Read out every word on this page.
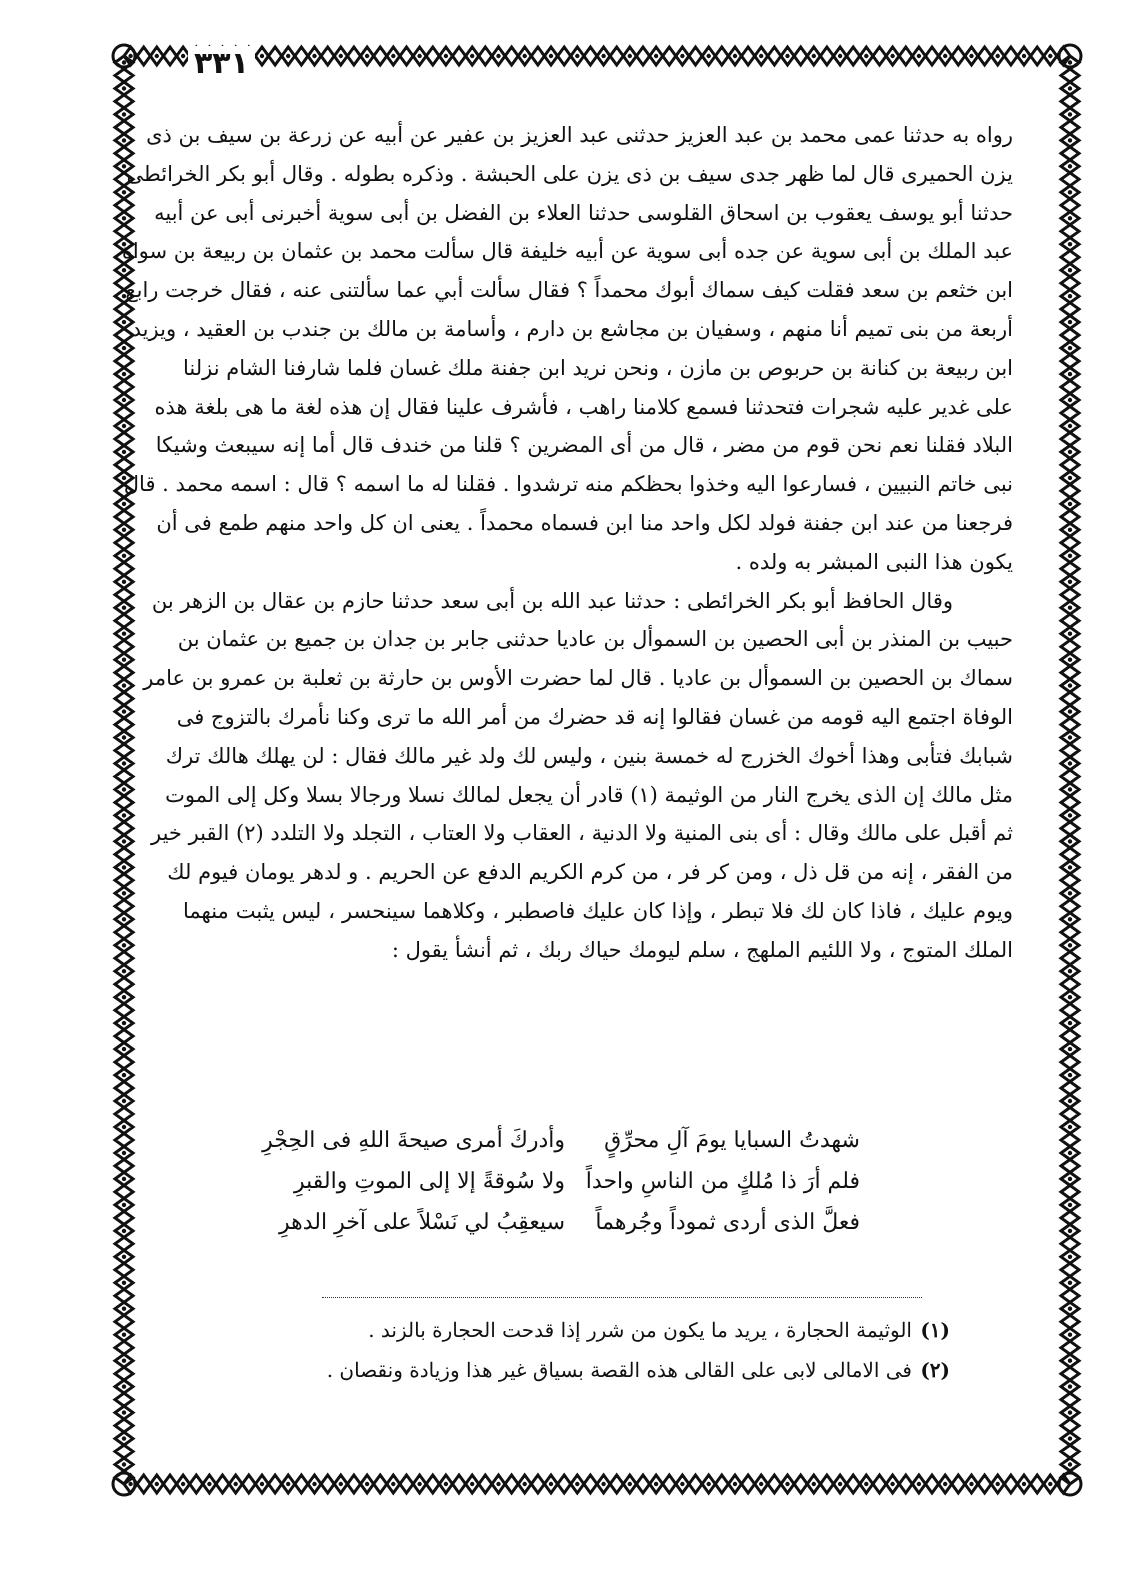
٣٣١
رواه به حدثنا عمى محمد بن عبد العزيز حدثنى عبد العزيز بن عفير عن أبيه عن زرعة بن سيف بن ذى
يزن الحميرى قال لما ظهر جدى سيف بن ذى يزن على الحبشة . وذكره بطوله . وقال أبو بكر الخرائطى
حدثنا أبو يوسف يعقوب بن اسحاق القلوسى حدثنا العلاء بن الفضل بن أبى سوية أخبرنى أبى عن أبيه
عبد الملك بن أبى سوية عن جده أبى سوية عن أبيه خليفة قال سألت محمد بن عثمان بن ربيعة بن سواة
ابن خثعم بن سعد فقلت كيف سماك أبوك محمداً ؟ فقال سألت أبي عما سألتنى عنه ، فقال خرجت رابع
أربعة من بنى تميم أنا منهم ، وسفيان بن مجاشع بن دارم ، وأسامة بن مالك بن جندب بن العقيد ، ويزيد
ابن ربيعة بن كنانة بن حربوص بن مازن ، ونحن نريد ابن جفنة ملك غسان فلما شارفنا الشام نزلنا
على غدير عليه شجرات فتحدثنا فسمع كلامنا راهب ، فأشرف علينا فقال إن هذه لغة ما هى بلغة هذه
البلاد فقلنا نعم نحن قوم من مضر ، قال من أى المضرين ؟ قلنا من خندف قال أما إنه سيبعث وشيكا
نبى خاتم النبيين ، فسارعوا اليه وخذوا بحظكم منه ترشدوا . فقلنا له ما اسمه ؟ قال : اسمه محمد . قال
فرجعنا من عند ابن جفنة فولد لكل واحد منا ابن فسماه محمداً . يعنى ان كل واحد منهم طمع فى أن
يكون هذا النبى المبشر به ولده .
وقال الحافظ أبو بكر الخرائطى : حدثنا عبد الله بن أبى سعد حدثنا حازم بن عقال بن الزهر بن
حبيب بن المنذر بن أبى الحصين بن السموأل بن عاديا حدثنى جابر بن جدان بن جميع بن عثمان بن
سماك بن الحصين بن السموأل بن عاديا . قال لما حضرت الأوس بن حارثة بن ثعلبة بن عمرو بن عامر
الوفاة اجتمع اليه قومه من غسان فقالوا إنه قد حضرك من أمر الله ما ترى وكنا نأمرك بالتزوج فى
شبابك فتأبى وهذا أخوك الخزرج له خمسة بنين ، وليس لك ولد غير مالك فقال : لن يهلك هالك ترك
مثل مالك إن الذى يخرج النار من الوثيمة (١) قادر أن يجعل لمالك نسلا ورجالا بسلا وكل إلى الموت
ثم أقبل على مالك وقال : أى بنى المنية ولا الدنية ، العقاب ولا العتاب ، التجلد ولا التلدد (٢) القبر خير
من الفقر ، إنه من قل ذل ، ومن كر فر ، من كرم الكريم الدفع عن الحريم . و لدهر يومان فيوم لك
ويوم عليك ، فاذا كان لك فلا تبطر ، وإذا كان عليك فاصطبر ، وكلاهما سينحسر ، ليس يثبت منهما
الملك المتوج ، ولا اللئيم الملهج ، سلم ليومك حياك ربك ، ثم أنشأ يقول :
شهدتُ السبايا يومَ آلِ محرِّقٍ
وأدركَ أمرى صيحةَ اللهِ فى الحِجْرِ
فلم أرَ ذا مُلكٍ من الناسِ واحداً
ولا سُوقةً إلا إلى الموتِ والقبرِ
فعلَّ الذى أردى ثموداً وجُرهماً
سيعقِبُ لي نَسْلاً على آخرِ الدهرِ
(١)الوثيمة الحجارة ، يريد ما يكون من شرر إذا قدحت الحجارة بالزند .
(٢)فى الامالى لابى على القالى هذه القصة بسياق غير هذا وزيادة ونقصان .
